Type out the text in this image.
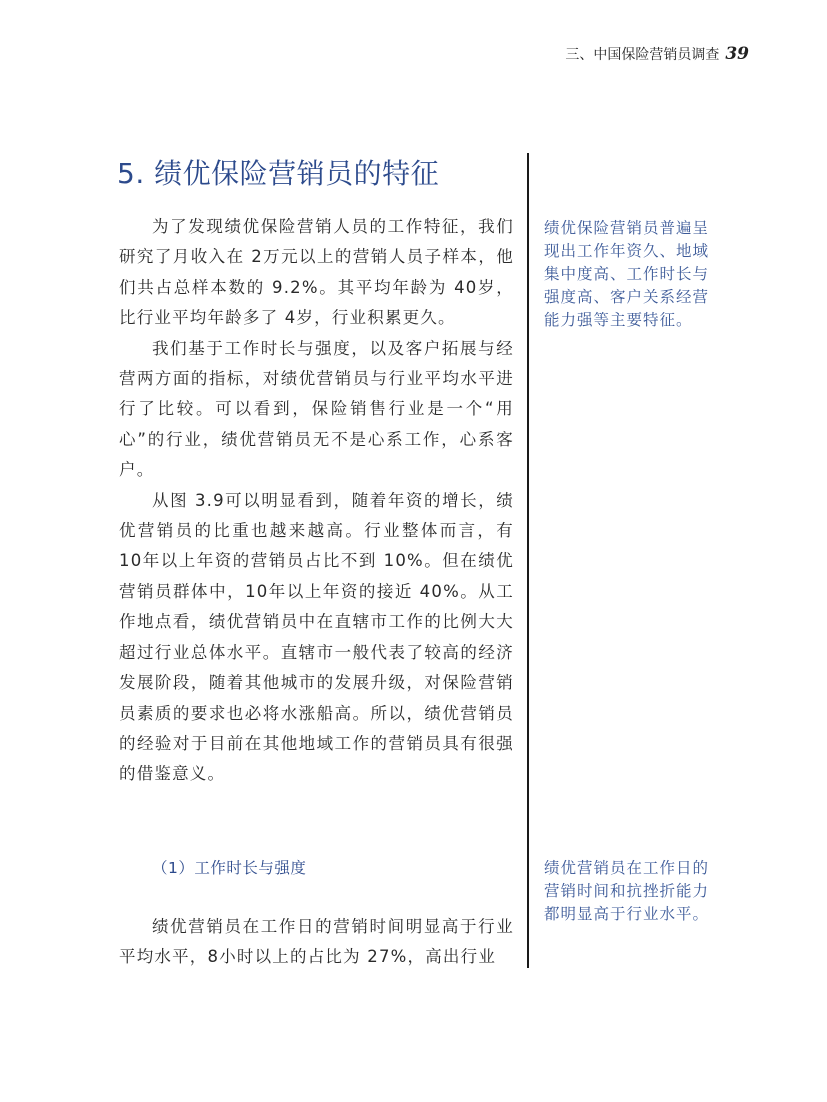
三、中国保险营销员调查 39
5. 绩优保险营销员的特征

为了发现绩优保险营销人员的工作特征，我们研究了月收入在 2万元以上的营销人员子样本，他们共占总样本数的 9.2%。其平均年龄为 40岁，比行业平均年龄多了 4岁，行业积累更久。

我们基于工作时长与强度，以及客户拓展与经营两方面的指标，对绩优营销员与行业平均水平进行了比较。可以看到，保险销售行业是一个“用心”的行业，绩优营销员无不是心系工作，心系客户。

从图 3.9可以明显看到，随着年资的增长，绩优营销员的比重也越来越高。行业整体而言，有 10年以上年资的营销员占比不到 10%。但在绩优营销员群体中，10年以上年资的接近 40%。从工作地点看，绩优营销员中在直辖市工作的比例大大超过行业总体水平。直辖市一般代表了较高的经济发展阶段，随着其他城市的发展升级，对保险营销员素质的要求也必将水涨船高。所以，绩优营销员的经验对于目前在其他地域工作的营销员具有很强的借鉴意义。

（1）工作时长与强度

绩优营销员在工作日的营销时间明显高于行业平均水平，8小时以上的占比为 27%，高出行业

绩优保险营销员普遍呈现出工作年资久、地域集中度高、工作时长与强度高、客户关系经营能力强等主要特征。
绩优营销员在工作日的营销时间和抗挫折能力都明显高于行业水平。
